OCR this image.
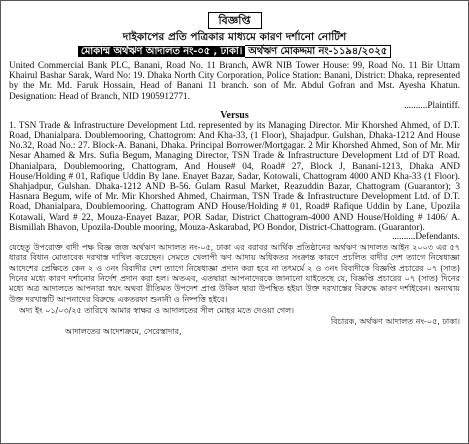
বিজ্ঞপ্তি
দাইকাপের প্রতি পত্রিকার মাধ্যমে কারণ দর্শানো নোটিশ
মোকাম্ম অর্থঋণ আদালত নং-০৫ , ঢাকা। অর্থঋণ মোকদ্দমা নং-১১৯৪/২০২৫

United Commercial Bank PLC, Banani, Road No. 11 Branch, AWR NIB Tower House: 99, Road No. 11 Bir Uttam Khairul Bashar Sarak, Ward No: 19. Dhaka North City Corporation, Police Station: Banani, District: Dhaka, represented by the Mr. Md. Faruk Hossain, Head of Banani 11 branch. son of Mr. Abdul Gofran and Mst. Ayesha Khatun. Designation: Head of Branch, NID 1905912771.

..........Plaintiff.
Versus

1. TSN Trade & Infrastructure Development Ltd. represented by its Managing Director. Mir Khorshed Ahmed, of D.T. Road, Dhanialpara. Doublemooring, Chattogrom: And Kha-33, (1 Floor), Shajadpur. Gulshan, Dhaka-1212 And House No.32, Road No.: 27. Block-A. Banani, Dhaka. Principal Borrower/Mortgagar. 2 Mir Khorshed Ahmed, Son of Mr. Mir Nesar Ahamed & Mrs. Sufia Begum, Managing Director, TSN Trade & Infrastructure Development Ltd of DT Road. Dhanialpara, Doublemooring, Chattogram, And House# 04, Road# 27, Block J, Banani-1213, Dhaka AND House/Holding # 01, Rafique Uddin By lane. Enayet Bazar, Sadar, Kotowali, Chattogram 4000 AND Kha-33 (1 Floor). Shahjadpur, Gulshan. Dhaka-1212 AND B-56. Gulam Rasul Market, Reazuddin Bazar, Chattogram (Guarantor); 3 Hasnara Begum, wife of Mr. Mir Khorshed Ahmed, Chairman, TSN Trade & Infrastructure Development Ltd. of D.T. Road, Dhanialpara, Doublemooring. Chattogram AND House/Holding # 01, Road# Rafique Uddin by Lane, Upozila Kotawali, Ward # 22, Mouza-Enayet Bazar, POR Sadar, District Chattogram-4000 AND House/Holding # 1406/ A. Bismillah Bhavon, Upozila-Double mooring, Mouza-Askarabad, PO Bondor, District-Chattogram. (Guarantor).

..........Defendants.

যেহেতু উপরোক্ত বাদী পক্ষ বিজ্ঞ জজ অর্থঋণ আদালত নং-০৫, ঢাকা এর বরাবর আর্থিক প্রতিষ্ঠানের অর্থঋণ আদালত আইন ২০০৩ এর ৫৭ ধারার বিধান মোতাবেক দরখাস্ত দাখিল করেছেন। সেমতে খেলাপী ঋণ আদায় অধিকতর সংক্রান্ত কারণে প্রচলিত বাদীর দেশ ত্যাগে নিষেধাজ্ঞা আদেশের প্রেক্ষিতে কেন ২ ও ৩নং বিবাদীর দেশ ত্যাগে নিষেধাজ্ঞা প্রদান করা হবে না তৎমর্মে ২ ও ৩নং বিবাদীকে বিজ্ঞপ্তি প্রচারের ০৭ (সাত) দিনের মধ্যে কারণ দর্শানোর নির্দেশ প্রদান করা হল। অতএব, এতদ্বারা আপনাদেরকে জানানো যাইতেছে যে, বিজ্ঞপ্তি প্রচারের ০৭ (সাত) দিনের মধ্যে অত্র আদালতে আপনারা স্বয়ং অথবা রীতিমত উপদেশ প্রাপ্ত উকিল দ্বারা উপস্থিত হইয়া উক্ত দরখাস্তের বিরুদ্ধে কারণ দর্শাইবেন। অন্যথায় উক্ত দরখাস্তটি আপনাদের বিরুদ্ধে একতরফা শুনানী ও নিষ্পত্তি হইবে।

অদ্য ইং ০১/০৩/২৫ তারিখে আমার স্বাক্ষর ও আদালতের সীল মোহর মতে দেওয়া গেল।
বিচারক, অর্থঋণ আদালত নং-০৫, ঢাকা।
আদালতের আদেশক্রমে, সেরেস্তাদার,
